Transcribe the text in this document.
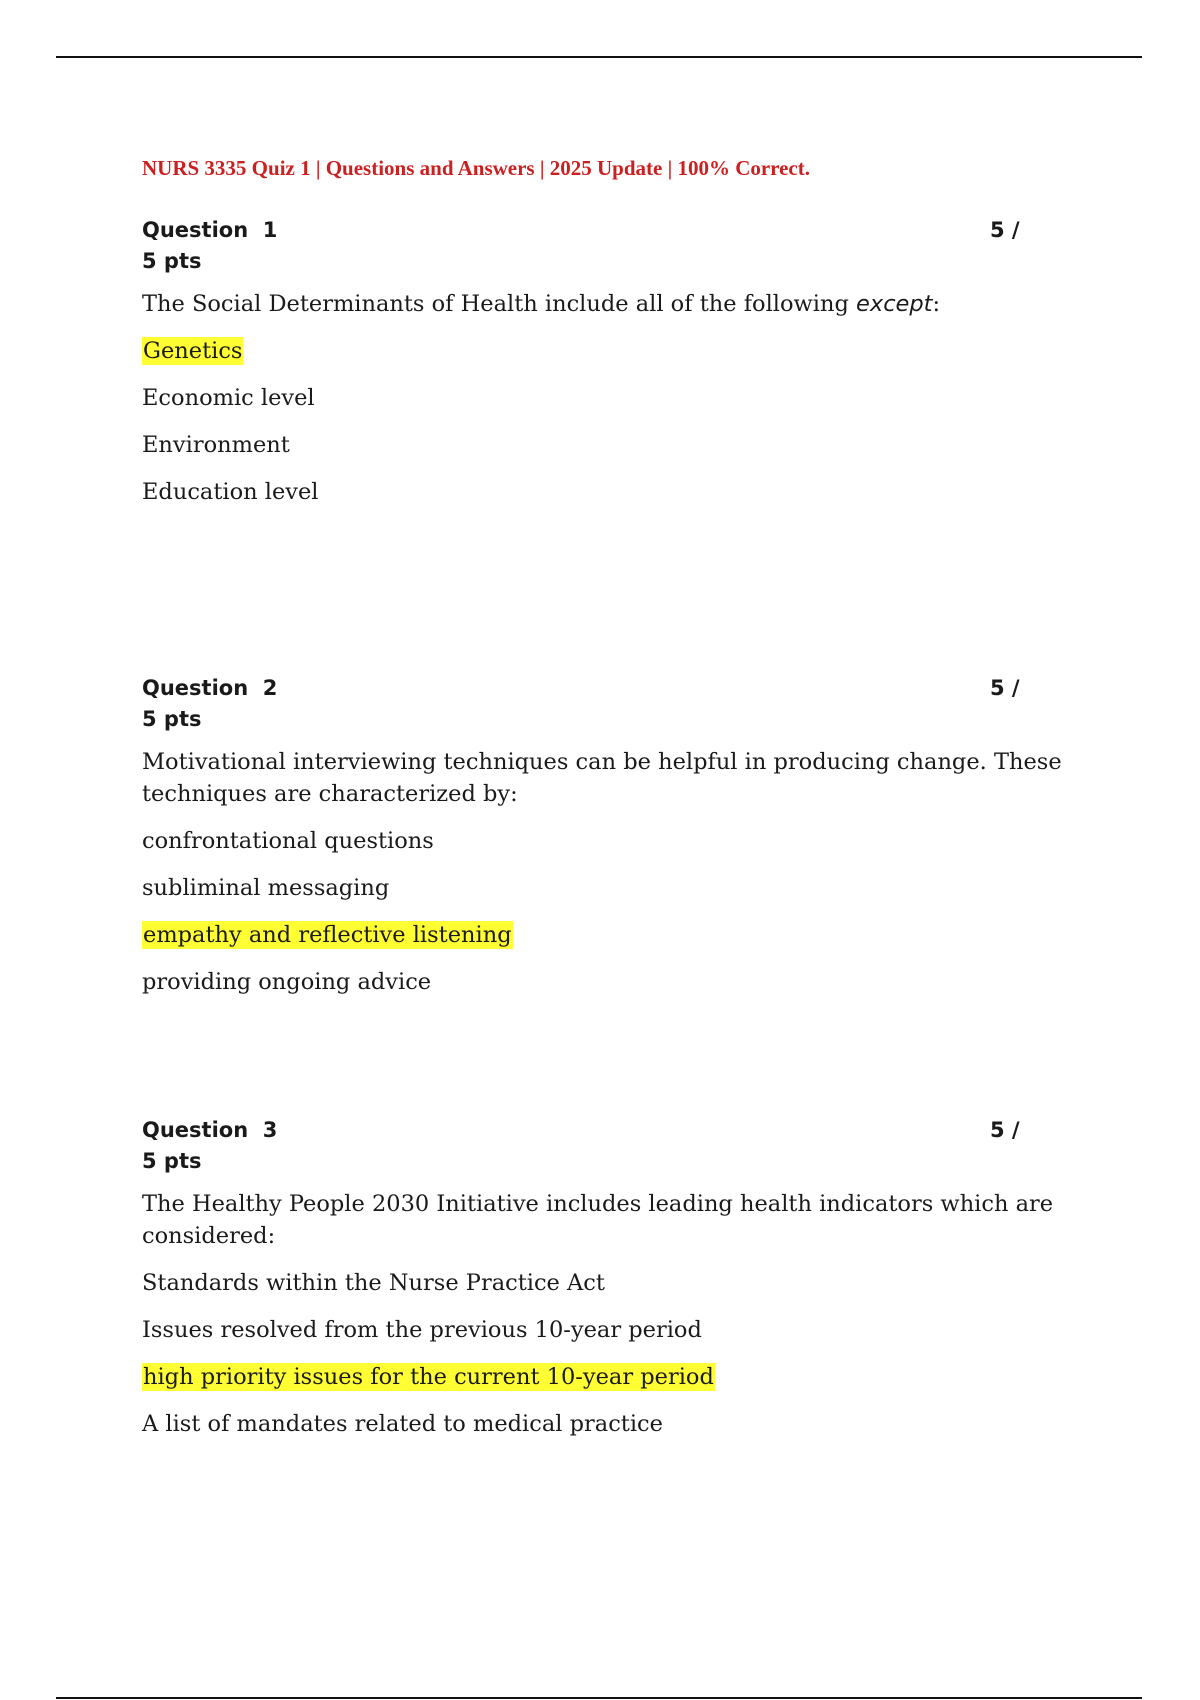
NURS 3335 Quiz 1 | Questions and Answers | 2025 Update | 100% Correct.
Question  1	5 /
5 pts
The Social Determinants of Health include all of the following except:
Genetics
Economic level
Environment
Education level
Question  2	5 /
5 pts
Motivational interviewing techniques can be helpful in producing change. These techniques are characterized by:
confrontational questions
subliminal messaging
empathy and reflective listening
providing ongoing advice
Question  3	5 /
5 pts
The Healthy People 2030 Initiative includes leading health indicators which are considered:
Standards within the Nurse Practice Act
Issues resolved from the previous 10-year period
high priority issues for the current 10-year period
A list of mandates related to medical practice
